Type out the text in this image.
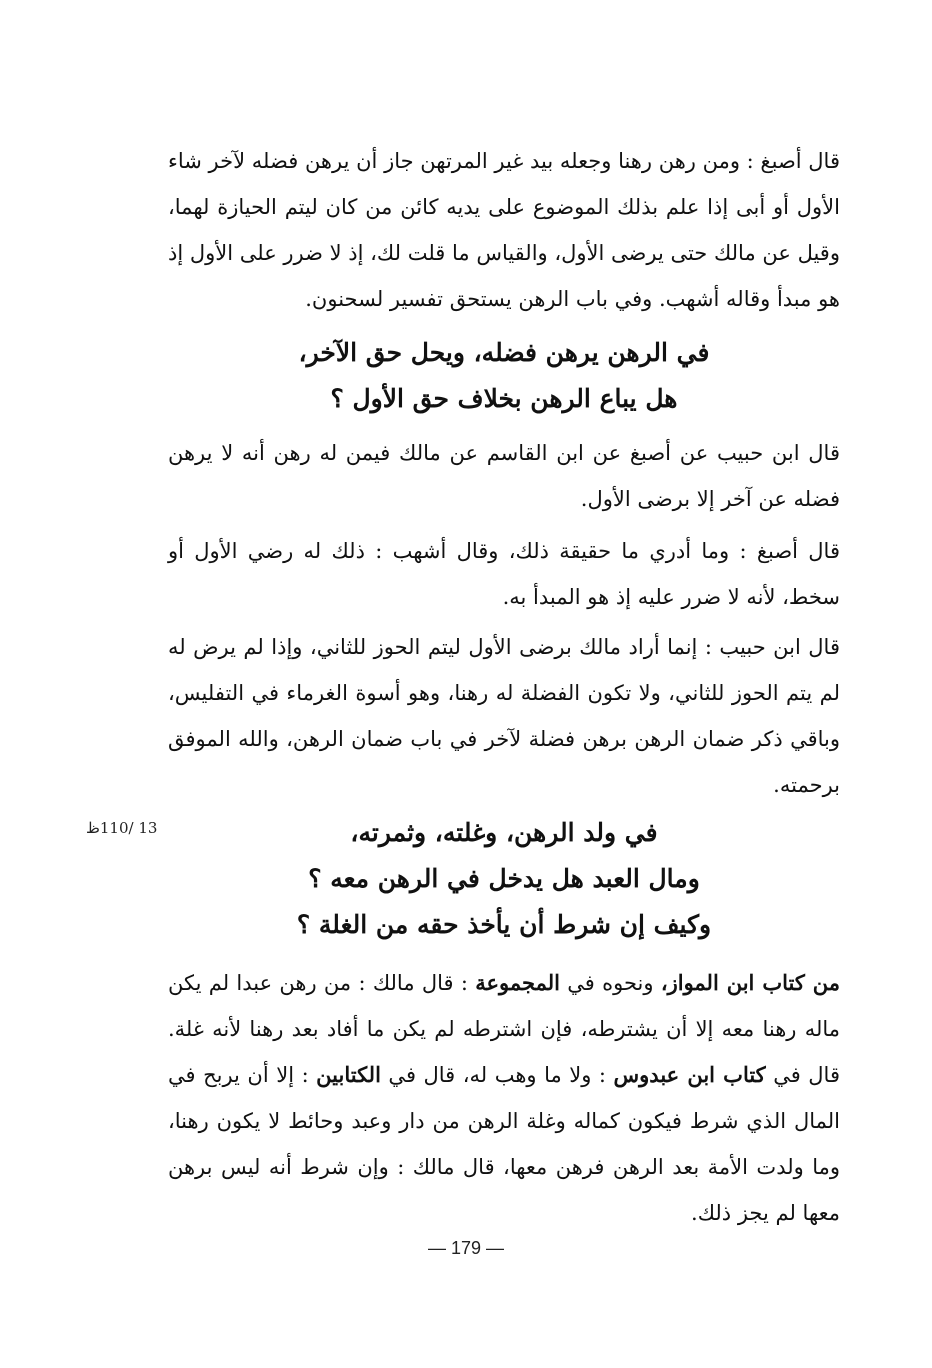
قال أصبغ : ومن رهن رهنا وجعله بيد غير المرتهن جاز أن يرهن فضله لآخر شاء الأول أو أبى إذا علم بذلك الموضوع على يديه كائن من كان ليتم الحيازة لهما، وقيل عن مالك حتى يرضى الأول، والقياس ما قلت لك، إذ لا ضرر على الأول إذ هو مبدأ وقاله أشهب. وفي باب الرهن يستحق تفسير لسحنون.

في الرهن يرهن فضله، ويحل حق الآخر،
هل يباع الرهن بخلاف حق الأول ؟

قال ابن حبيب عن أصبغ عن ابن القاسم عن مالك فيمن له رهن أنه لا يرهن فضله عن آخر إلا برضى الأول.

قال أصبغ : وما أدري ما حقيقة ذلك، وقال أشهب : ذلك له رضي الأول أو سخط، لأنه لا ضرر عليه إذ هو المبدأ به.

قال ابن حبيب : إنما أراد مالك برضى الأول ليتم الحوز للثاني، وإذا لم يرض له لم يتم الحوز للثاني، ولا تكون الفضلة له رهنا، وهو أسوة الغرماء في التفليس، وباقي ذكر ضمان الرهن برهن فضلة لآخر في باب ضمان الرهن، والله الموفق برحمته.

13 /110ظ	في ولد الرهن، وغلته، وثمرته،
ومال العبد هل يدخل في الرهن معه ؟
وكيف إن شرط أن يأخذ حقه من الغلة ؟

من كتاب ابن المواز، ونحوه في المجموعة : قال مالك : من رهن عبدا لم يكن ماله رهنا معه إلا أن يشترطه، فإن اشترطه لم يكن ما أفاد بعد رهنا لأنه غلة. قال في كتاب ابن عبدوس : ولا ما وهب له، قال في الكتابين : إلا أن يربح في المال الذي شرط فيكون كماله وغلة الرهن من دار وعبد وحائط لا يكون رهنا، وما ولدت الأمة بعد الرهن فرهن معها، قال مالك : وإن شرط أنه ليس برهن معها لم يجز ذلك.

— 179 —
